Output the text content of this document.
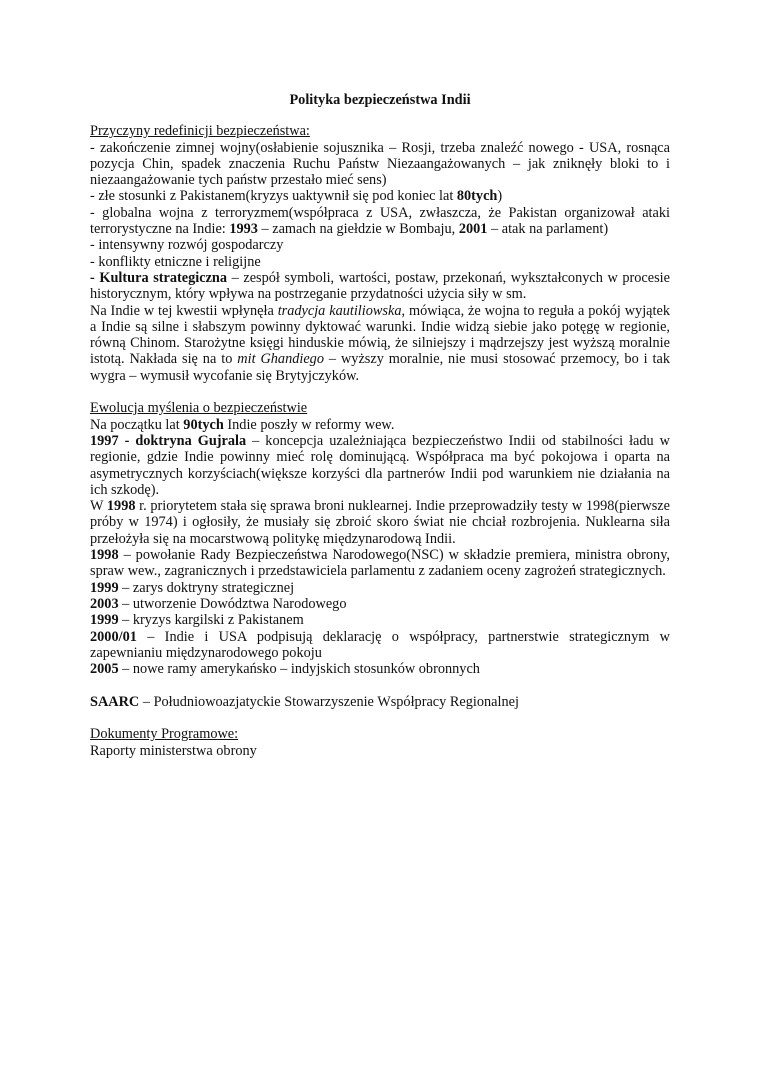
Polityka bezpieczeństwa Indii

Przyczyny redefinicji bezpieczeństwa:

- zakończenie zimnej wojny(osłabienie sojusznika – Rosji, trzeba znaleźć nowego - USA, rosnąca pozycja Chin, spadek znaczenia Ruchu Państw Niezaangażowanych – jak zniknęły bloki to i niezaangażowanie tych państw przestało mieć sens)

- złe stosunki z Pakistanem(kryzys uaktywnił się pod koniec lat 80tych)

- globalna wojna z terroryzmem(współpraca z USA, zwłaszcza, że Pakistan organizował ataki terrorystyczne na Indie: 1993 – zamach na giełdzie w Bombaju, 2001 – atak na parlament)

- intensywny rozwój gospodarczy

- konflikty etniczne i religijne

- Kultura strategiczna – zespół symboli, wartości, postaw, przekonań, wykształconych w procesie historycznym, który wpływa na postrzeganie przydatności użycia siły w sm.

Na Indie w tej kwestii wpłynęła tradycja kautiliowska, mówiąca, że wojna to reguła a pokój wyjątek a Indie są silne i słabszym powinny dyktować warunki. Indie widzą siebie jako potęgę w regionie, równą Chinom. Starożytne księgi hinduskie mówią, że silniejszy i mądrzejszy jest wyższą moralnie istotą. Nakłada się na to mit Ghandiego – wyższy moralnie, nie musi stosować przemocy, bo i tak wygra – wymusił wycofanie się Brytyjczyków.

Ewolucja myślenia o bezpieczeństwie

Na początku lat 90tych Indie poszły w reformy wew.

1997 - doktryna Gujrala – koncepcja uzależniająca bezpieczeństwo Indii od stabilności ładu w regionie, gdzie Indie powinny mieć rolę dominującą. Współpraca ma być pokojowa i oparta na asymetrycznych korzyściach(większe korzyści dla partnerów Indii pod warunkiem nie działania na ich szkodę).

W 1998 r. priorytetem stała się sprawa broni nuklearnej. Indie przeprowadziły testy w 1998(pierwsze próby w 1974) i ogłosiły, że musiały się zbroić skoro świat nie chciał rozbrojenia. Nuklearna siła przełożyła się na mocarstwową politykę międzynarodową Indii.

1998 – powołanie Rady Bezpieczeństwa Narodowego(NSC) w składzie premiera, ministra obrony, spraw wew., zagranicznych i przedstawiciela parlamentu z zadaniem oceny zagrożeń strategicznych.

1999 – zarys doktryny strategicznej

2003 – utworzenie Dowództwa Narodowego

1999 – kryzys kargilski z Pakistanem

2000/01 – Indie i USA podpisują deklarację o współpracy, partnerstwie strategicznym w zapewnianiu międzynarodowego pokoju

2005 – nowe ramy amerykańsko – indyjskich stosunków obronnych

SAARC – Południowoazjatyckie Stowarzyszenie Współpracy Regionalnej

Dokumenty Programowe:

Raporty ministerstwa obrony
